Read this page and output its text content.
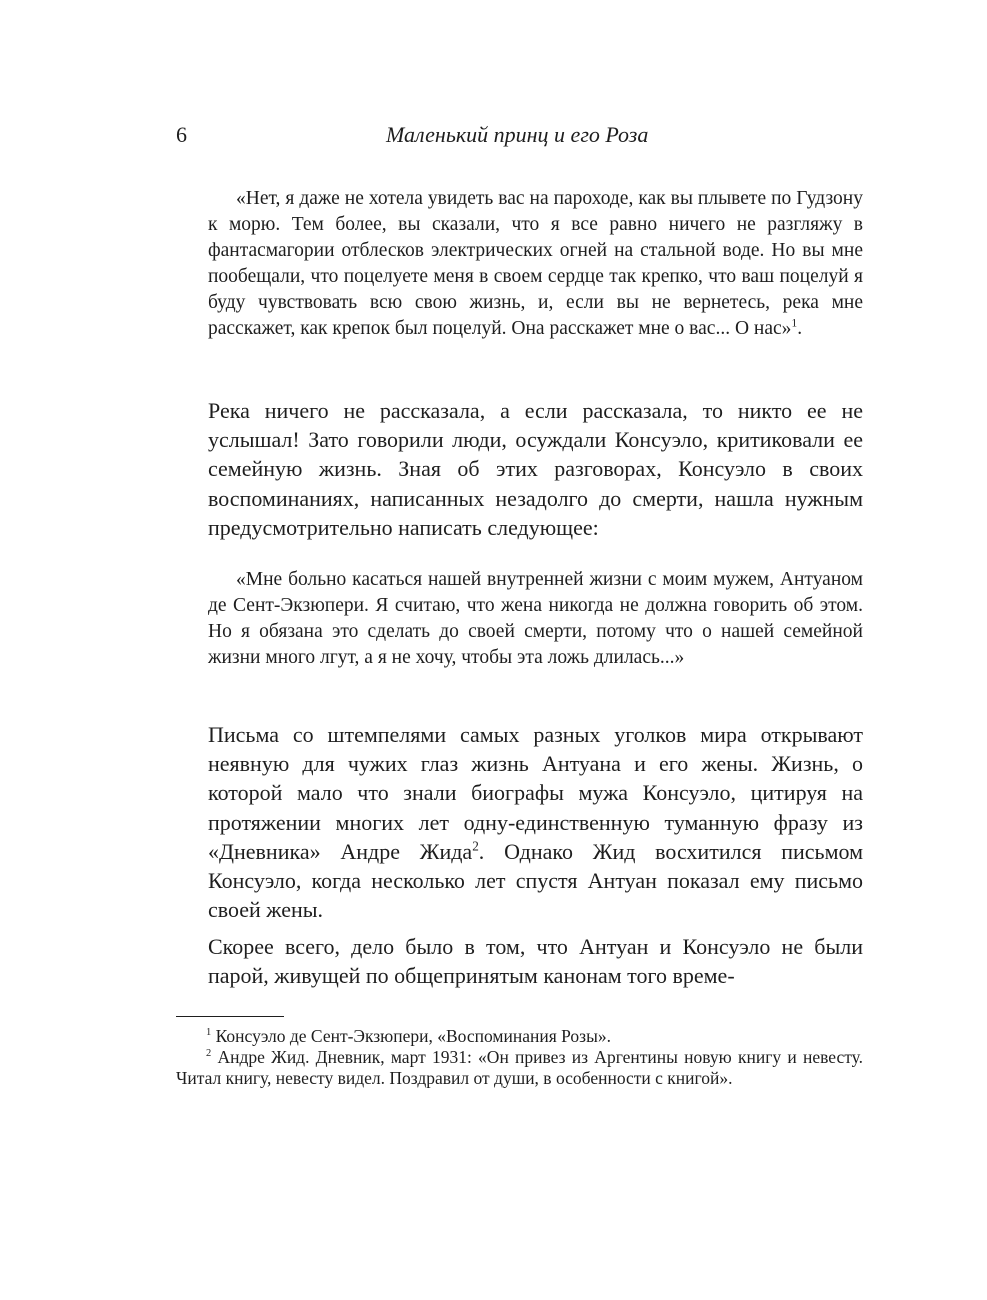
6	Маленький принц и его Роза

«Нет, я даже не хотела увидеть вас на пароходе, как вы плывете по Гудзону к морю. Тем более, вы сказали, что я все равно ничего не разгляжу в фантасмагории отблесков электрических огней на стальной воде. Но вы мне пообещали, что поцелуете меня в своем сердце так крепко, что ваш поцелуй я буду чувствовать всю свою жизнь, и, если вы не вернетесь, река мне расскажет, как крепок был поцелуй. Она расскажет мне о вас... О нас»$^1$.

Река ничего не рассказала, а если рассказала, то никто ее не услышал! Зато говорили люди, осуждали Консуэло, критиковали ее семейную жизнь. Зная об этих разговорах, Консуэло в своих воспоминаниях, написанных незадолго до смерти, нашла нужным предусмотрительно написать следующее:

«Мне больно касаться нашей внутренней жизни с моим мужем, Антуаном де Сент-Экзюпери. Я считаю, что жена никогда не должна говорить об этом. Но я обязана это сделать до своей смерти, потому что о нашей семейной жизни много лгут, а я не хочу, чтобы эта ложь длилась...»

Письма со штемпелями самых разных уголков мира открывают неявную для чужих глаз жизнь Антуана и его жены. Жизнь, о которой мало что знали биографы мужа Консуэло, цитируя на протяжении многих лет одну-единственную туманную фразу из «Дневника» Андре Жида$^2$. Однако Жид восхитился письмом Консуэло, когда несколько лет спустя Антуан показал ему письмо своей жены.

Скорее всего, дело было в том, что Антуан и Консуэло не были парой, живущей по общепринятым канонам того време-

$^1$ Консуэло де Сент-Экзюпери, «Воспоминания Розы».

$^2$ Андре Жид. Дневник, март 1931: «Он привез из Аргентины новую книгу и невесту. Читал книгу, невесту видел. Поздравил от души, в особенности с книгой».
